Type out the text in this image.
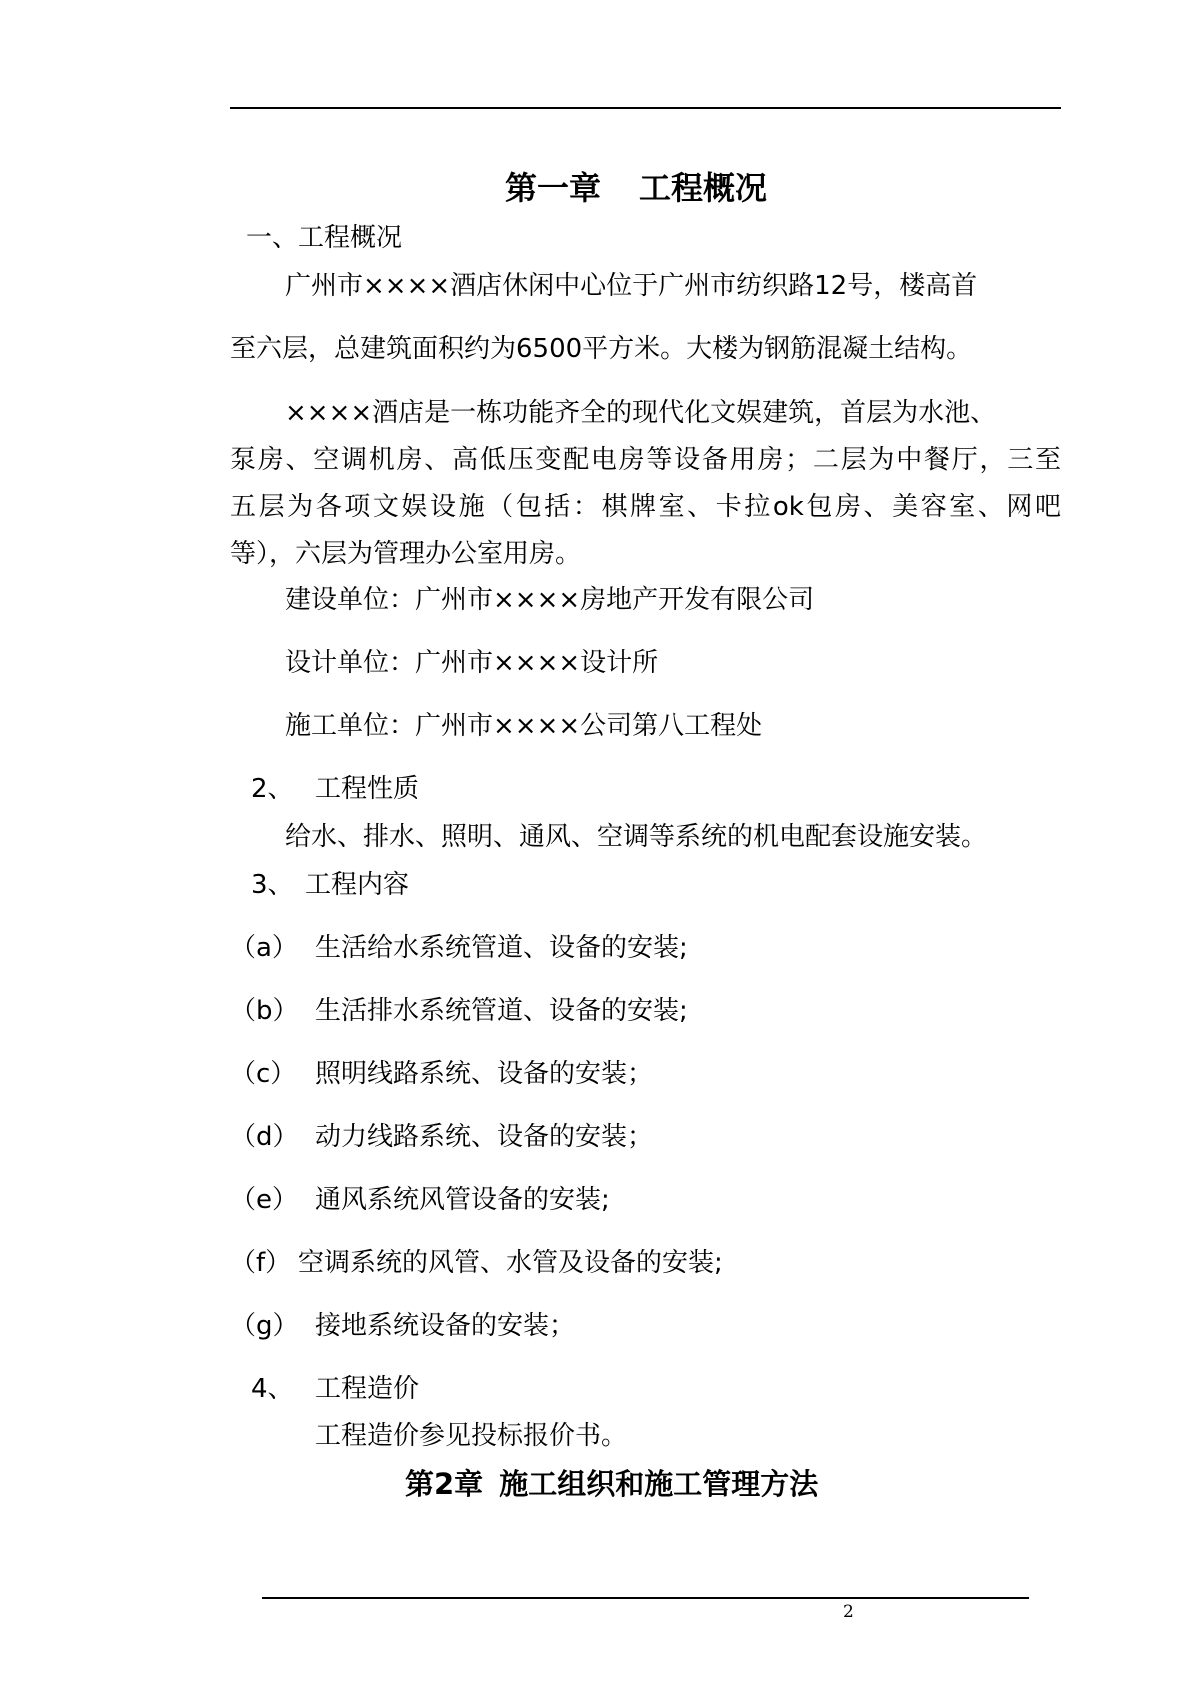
第一章 工程概况
一、工程概况
广州市××××酒店休闲中心位于广州市纺织路12号，楼高首
至六层，总建筑面积约为6500平方米。大楼为钢筋混凝土结构。
××××酒店是一栋功能齐全的现代化文娱建筑，首层为水池、
泵房、空调机房、高低压变配电房等设备用房；二层为中餐厅，三至
五层为各项文娱设施（包括：棋牌室、卡拉ok包房、美容室、网吧
等），六层为管理办公室用房。
建设单位：广州市××××房地产开发有限公司
设计单位：广州市××××设计所
施工单位：广州市××××公司第八工程处
2、 工程性质
给水、排水、照明、通风、空调等系统的机电配套设施安装。
3、 工程内容
（a） 生活给水系统管道、设备的安装;
（b） 生活排水系统管道、设备的安装;
（c） 照明线路系统、设备的安装；
（d） 动力线路系统、设备的安装；
（e） 通风系统风管设备的安装;
（f） 空调系统的风管、水管及设备的安装;
（g） 接地系统设备的安装；
4、 工程造价
工程造价参见投标报价书。
第2章 施工组织和施工管理方法
2
